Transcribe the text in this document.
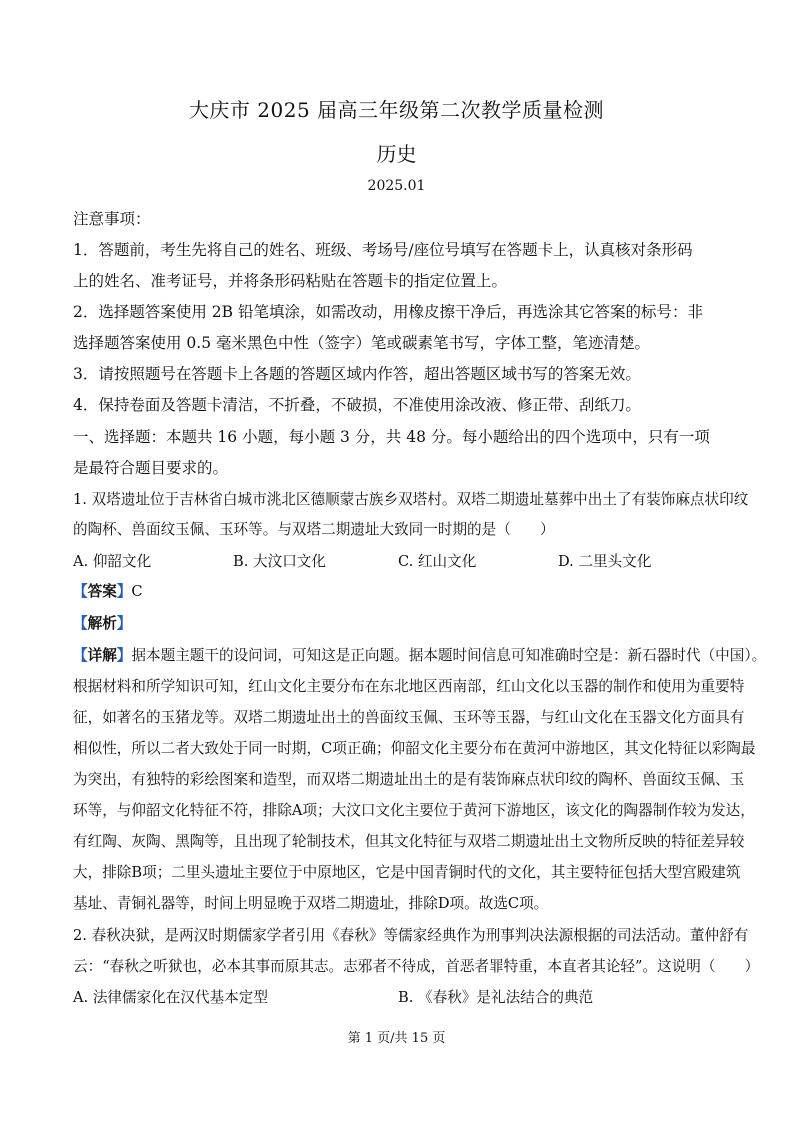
大庆市 2025 届高三年级第二次教学质量检测
历史
2025.01
注意事项：
1．答题前，考生先将自己的姓名、班级、考场号/座位号填写在答题卡上，认真核对条形码
上的姓名、准考证号，并将条形码粘贴在答题卡的指定位置上。
2．选择题答案使用 2B 铅笔填涂，如需改动，用橡皮擦干净后，再选涂其它答案的标号：非
选择题答案使用 0.5 毫米黑色中性（签字）笔或碳素笔书写，字体工整，笔迹清楚。
3．请按照题号在答题卡上各题的答题区域内作答，超出答题区域书写的答案无效。
4．保持卷面及答题卡清洁，不折叠，不破损，不准使用涂改液、修正带、刮纸刀。
一、选择题：本题共 16 小题，每小题 3 分，共 48 分。每小题给出的四个选项中，只有一项
是最符合题目要求的。
1. 双塔遗址位于吉林省白城市洮北区德顺蒙古族乡双塔村。双塔二期遗址墓葬中出土了有装饰麻点状印纹
的陶杯、兽面纹玉佩、玉环等。与双塔二期遗址大致同一时期的是（　　）
A. 仰韶文化	B. 大汶口文化	C. 红山文化	D. 二里头文化
【答案】C
【解析】
【详解】据本题主题干的设问词，可知这是正向题。据本题时间信息可知准确时空是：新石器时代（中国）。
根据材料和所学知识可知，红山文化主要分布在东北地区西南部，红山文化以玉器的制作和使用为重要特
征，如著名的玉猪龙等。双塔二期遗址出土的兽面纹玉佩、玉环等玉器，与红山文化在玉器文化方面具有
相似性，所以二者大致处于同一时期，C项正确；仰韶文化主要分布在黄河中游地区，其文化特征以彩陶最
为突出，有独特的彩绘图案和造型，而双塔二期遗址出土的是有装饰麻点状印纹的陶杯、兽面纹玉佩、玉
环等，与仰韶文化特征不符，排除A项；大汶口文化主要位于黄河下游地区，该文化的陶器制作较为发达，
有红陶、灰陶、黑陶等，且出现了轮制技术，但其文化特征与双塔二期遗址出土文物所反映的特征差异较
大，排除B项；二里头遗址主要位于中原地区，它是中国青铜时代的文化，其主要特征包括大型宫殿建筑
基址、青铜礼器等，时间上明显晚于双塔二期遗址，排除D项。故选C项。
2. 春秋决狱，是两汉时期儒家学者引用《春秋》等儒家经典作为刑事判决法源根据的司法活动。董仲舒有
云：“春秋之听狱也，必本其事而原其志。志邪者不待成，首恶者罪特重，本直者其论轻”。这说明（　　）
A. 法律儒家化在汉代基本定型	B. 《春秋》是礼法结合的典范
第 1 页/共 15 页
